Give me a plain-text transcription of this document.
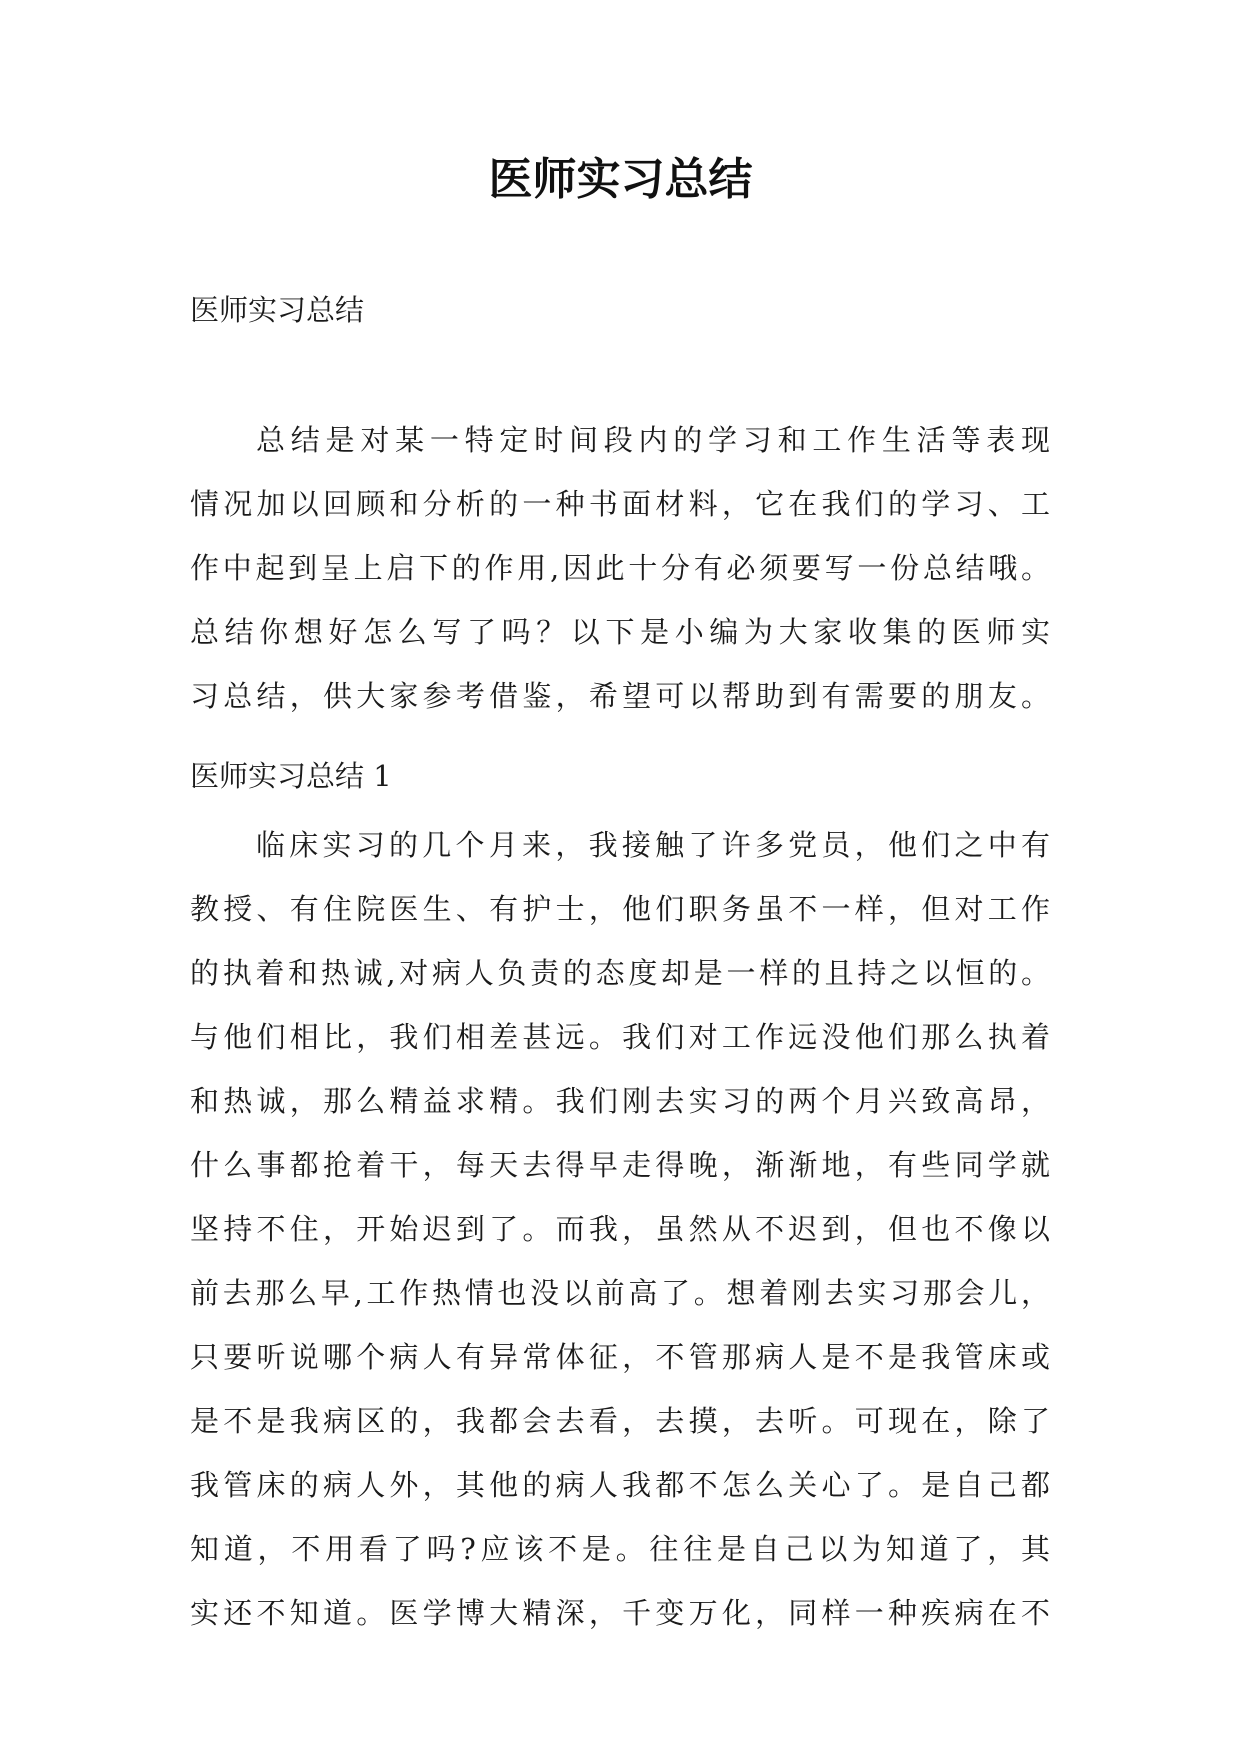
医师实习总结
医师实习总结
总结是对某一特定时间段内的学习和工作生活等表现
情况加以回顾和分析的一种书面材料，它在我们的学习、工
作中起到呈上启下的作用,因此十分有必须要写一份总结哦。
总结你想好怎么写了吗？以下是小编为大家收集的医师实
习总结，供大家参考借鉴，希望可以帮助到有需要的朋友。
医师实习总结 1
临床实习的几个月来，我接触了许多党员，他们之中有
教授、有住院医生、有护士，他们职务虽不一样，但对工作
的执着和热诚,对病人负责的态度却是一样的且持之以恒的。
与他们相比，我们相差甚远。我们对工作远没他们那么执着
和热诚，那么精益求精。我们刚去实习的两个月兴致高昂，
什么事都抢着干，每天去得早走得晚，渐渐地，有些同学就
坚持不住，开始迟到了。而我，虽然从不迟到，但也不像以
前去那么早,工作热情也没以前高了。想着刚去实习那会儿，
只要听说哪个病人有异常体征，不管那病人是不是我管床或
是不是我病区的，我都会去看，去摸，去听。可现在，除了
我管床的病人外，其他的病人我都不怎么关心了。是自己都
知道，不用看了吗?应该不是。往往是自己以为知道了，其
实还不知道。医学博大精深，千变万化，同样一种疾病在不
